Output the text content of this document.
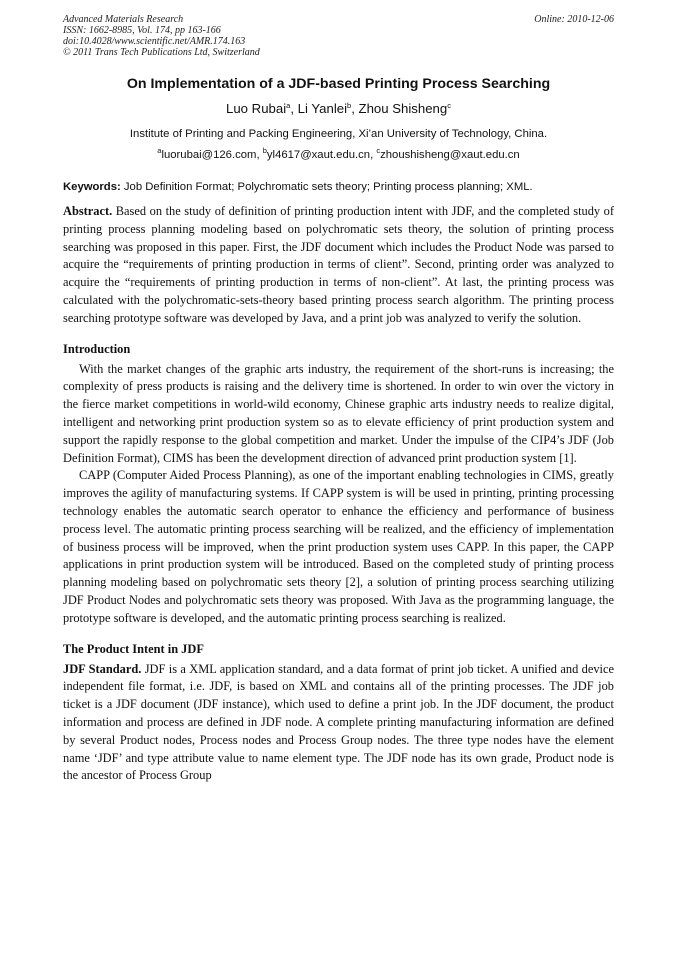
Advanced Materials Research	Online: 2010-12-06
ISSN: 1662-8985, Vol. 174, pp 163-166
doi:10.4028/www.scientific.net/AMR.174.163
© 2011 Trans Tech Publications Ltd, Switzerland
On Implementation of a JDF-based Printing Process Searching
Luo Rubai$^a$, Li Yanlei$^b$, Zhou Shisheng$^c$
Institute of Printing and Packing Engineering, Xi’an University of Technology, China.
$^a$luorubai@126.com, $^b$yl4617@xaut.edu.cn, $^c$zhoushisheng@xaut.edu.cn
Keywords: Job Definition Format; Polychromatic sets theory; Printing process planning; XML.

Abstract. Based on the study of definition of printing production intent with JDF, and the completed study of printing process planning modeling based on polychromatic sets theory, the solution of printing process searching was proposed in this paper. First, the JDF document which includes the Product Node was parsed to acquire the “requirements of printing production in terms of client”. Second, printing order was analyzed to acquire the “requirements of printing production in terms of non-client”. At last, the printing process was calculated with the polychromatic-sets-theory based printing process search algorithm. The printing process searching prototype software was developed by Java, and a print job was analyzed to verify the solution.

Introduction

With the market changes of the graphic arts industry, the requirement of the short-runs is increasing; the complexity of press products is raising and the delivery time is shortened. In order to win over the victory in the fierce market competitions in world-wild economy, Chinese graphic arts industry needs to realize digital, intelligent and networking print production system so as to elevate efficiency of print production system and support the rapidly response to the global competition and market. Under the impulse of the CIP4’s JDF (Job Definition Format), CIMS has been the development direction of advanced print production system [1].

CAPP (Computer Aided Process Planning), as one of the important enabling technologies in CIMS, greatly improves the agility of manufacturing systems. If CAPP system is will be used in printing, printing processing technology enables the automatic search operator to enhance the efficiency and performance of business process level. The automatic printing process searching will be realized, and the efficiency of implementation of business process will be improved, when the print production system uses CAPP. In this paper, the CAPP applications in print production system will be introduced. Based on the completed study of printing process planning modeling based on polychromatic sets theory [2], a solution of printing process searching utilizing JDF Product Nodes and polychromatic sets theory was proposed. With Java as the programming language, the prototype software is developed, and the automatic printing process searching is realized.

The Product Intent in JDF

JDF Standard. JDF is a XML application standard, and a data format of print job ticket. A unified and device independent file format, i.e. JDF, is based on XML and contains all of the printing processes. The JDF job ticket is a JDF document (JDF instance), which used to define a print job. In the JDF document, the product information and process are defined in JDF node. A complete printing manufacturing information are defined by several Product nodes, Process nodes and Process Group nodes. The three type nodes have the element name ‘JDF’ and type attribute value to name element type. The JDF node has its own grade, Product node is the ancestor of Process Group
